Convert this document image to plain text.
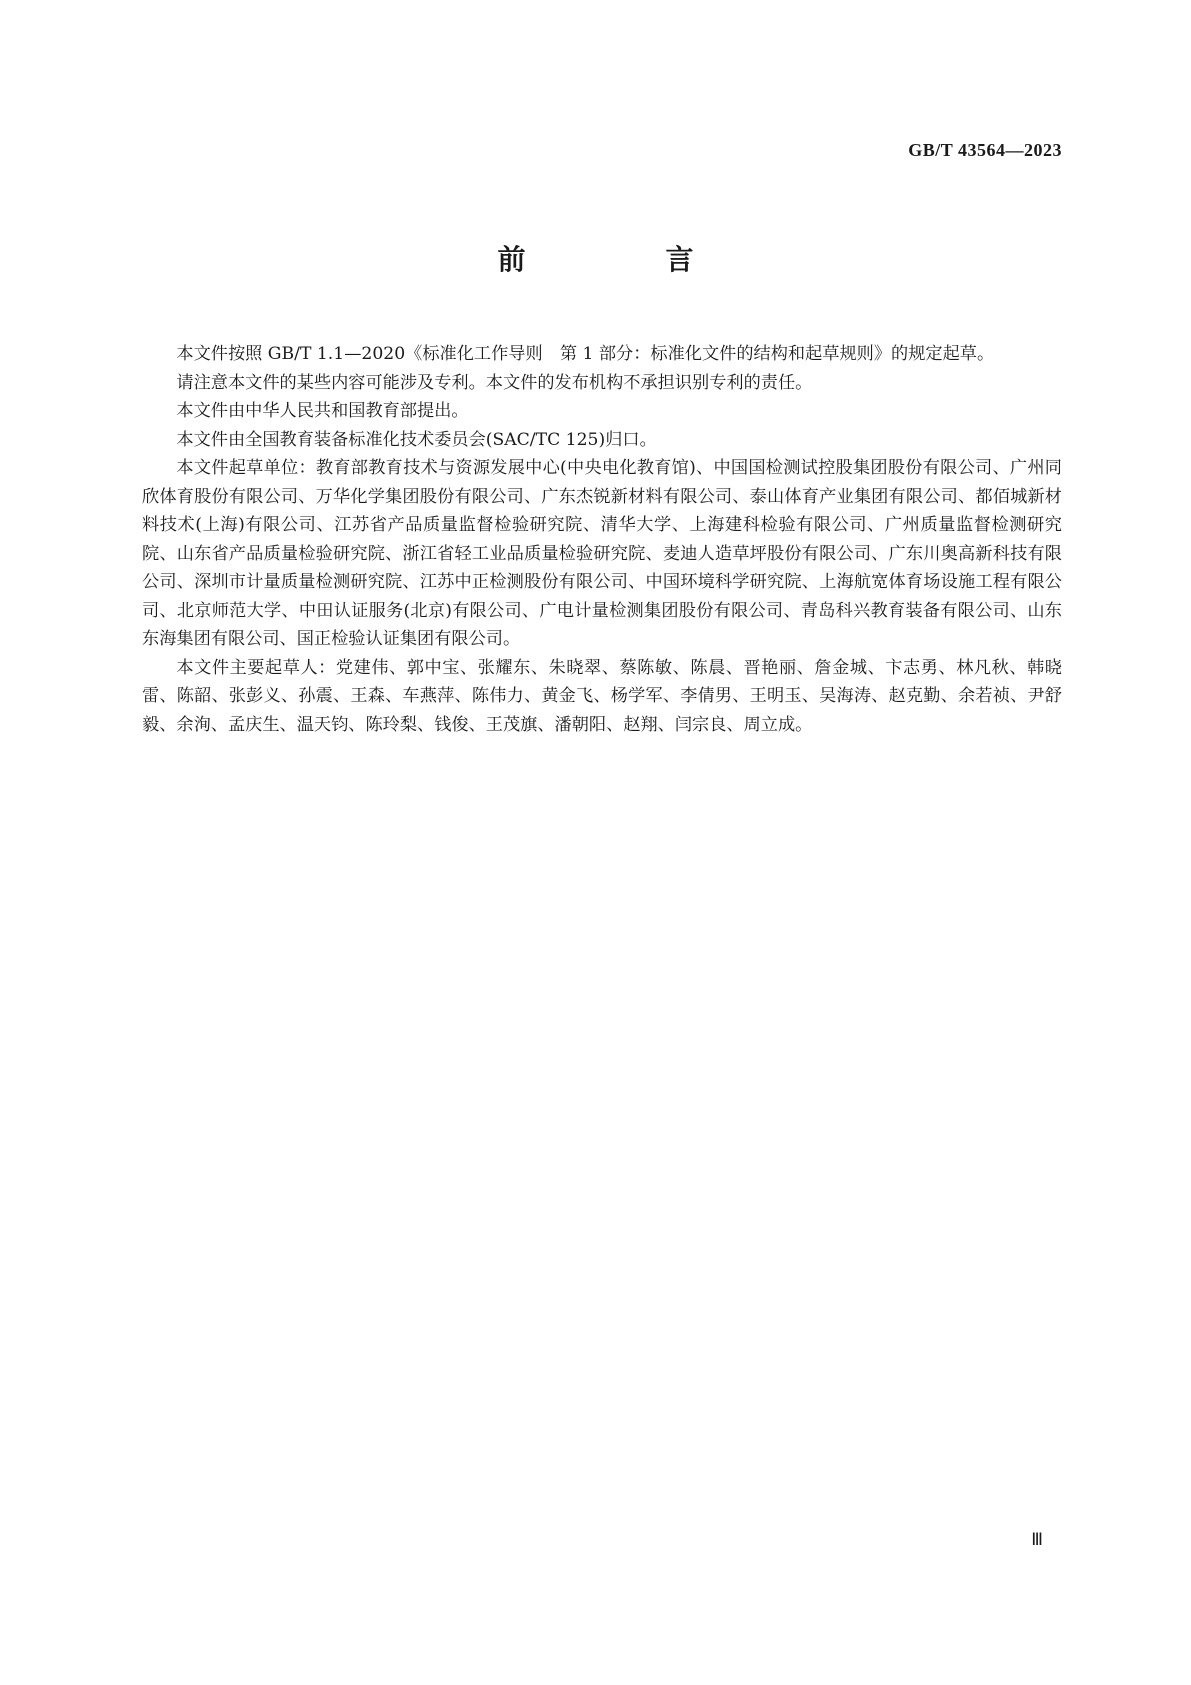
GB/T 43564—2023
前　言

本文件按照 GB/T 1.1—2020《标准化工作导则　第 1 部分：标准化文件的结构和起草规则》的规定起草。

请注意本文件的某些内容可能涉及专利。本文件的发布机构不承担识别专利的责任。

本文件由中华人民共和国教育部提出。

本文件由全国教育装备标准化技术委员会(SAC/TC 125)归口。

本文件起草单位：教育部教育技术与资源发展中心(中央电化教育馆)、中国国检测试控股集团股份有限公司、广州同欣体育股份有限公司、万华化学集团股份有限公司、广东杰锐新材料有限公司、泰山体育产业集团有限公司、都佰城新材料技术(上海)有限公司、江苏省产品质量监督检验研究院、清华大学、上海建科检验有限公司、广州质量监督检测研究院、山东省产品质量检验研究院、浙江省轻工业品质量检验研究院、麦迪人造草坪股份有限公司、广东川奥高新科技有限公司、深圳市计量质量检测研究院、江苏中正检测股份有限公司、中国环境科学研究院、上海航宽体育场设施工程有限公司、北京师范大学、中田认证服务(北京)有限公司、广电计量检测集团股份有限公司、青岛科兴教育装备有限公司、山东东海集团有限公司、国正检验认证集团有限公司。

本文件主要起草人：党建伟、郭中宝、张耀东、朱晓翠、蔡陈敏、陈晨、晋艳丽、詹金城、卞志勇、林凡秋、韩晓雷、陈韶、张彭义、孙震、王森、车燕萍、陈伟力、黄金飞、杨学军、李倩男、王明玉、吴海涛、赵克勤、余若祯、尹舒毅、余洵、孟庆生、温天钧、陈玲梨、钱俊、王茂旗、潘朝阳、赵翔、闫宗良、周立成。

Ⅲ
